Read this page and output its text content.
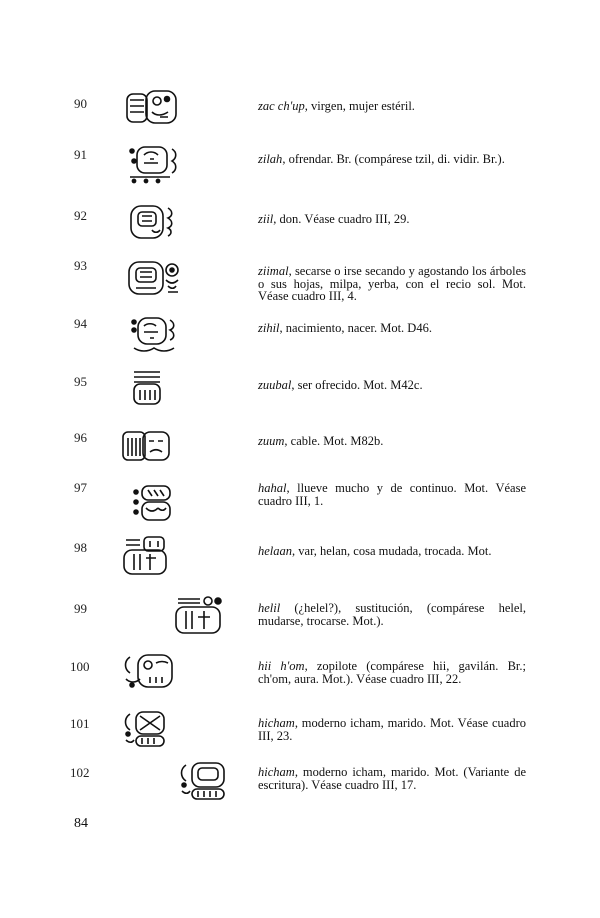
90	zac ch'up, virgen, mujer estéril.
91	zilah, ofrendar. Br. (compárese tzil, di. vidir. Br.).
92	ziil, don. Véase cuadro III, 29.
93	ziimal, secarse o irse secando y agostando los árboles o sus hojas, milpa, yerba, con el recio sol. Mot. Véase cuadro III, 4.
94	zihil, nacimiento, nacer. Mot. D46.
95	zuubal, ser ofrecido. Mot. M42c.
96	zuum, cable. Mot. M82b.
97	hahal, llueve mucho y de continuo. Mot. Véase cuadro III, 1.
98	helaan, var, helan, cosa mudada, trocada. Mot.
99	helil (¿helel?), sustitución, (compárese helel, mudarse, trocarse. Mot.).
100	hii h'om, zopilote (compárese hii, gavilán. Br.; ch'om, aura. Mot.). Véase cuadro III, 22.
101	hicham, moderno icham, marido. Mot. Véase cuadro III, 23.
102	hicham, moderno icham, marido. Mot. (Variante de escritura). Véase cuadro III, 17.
84
